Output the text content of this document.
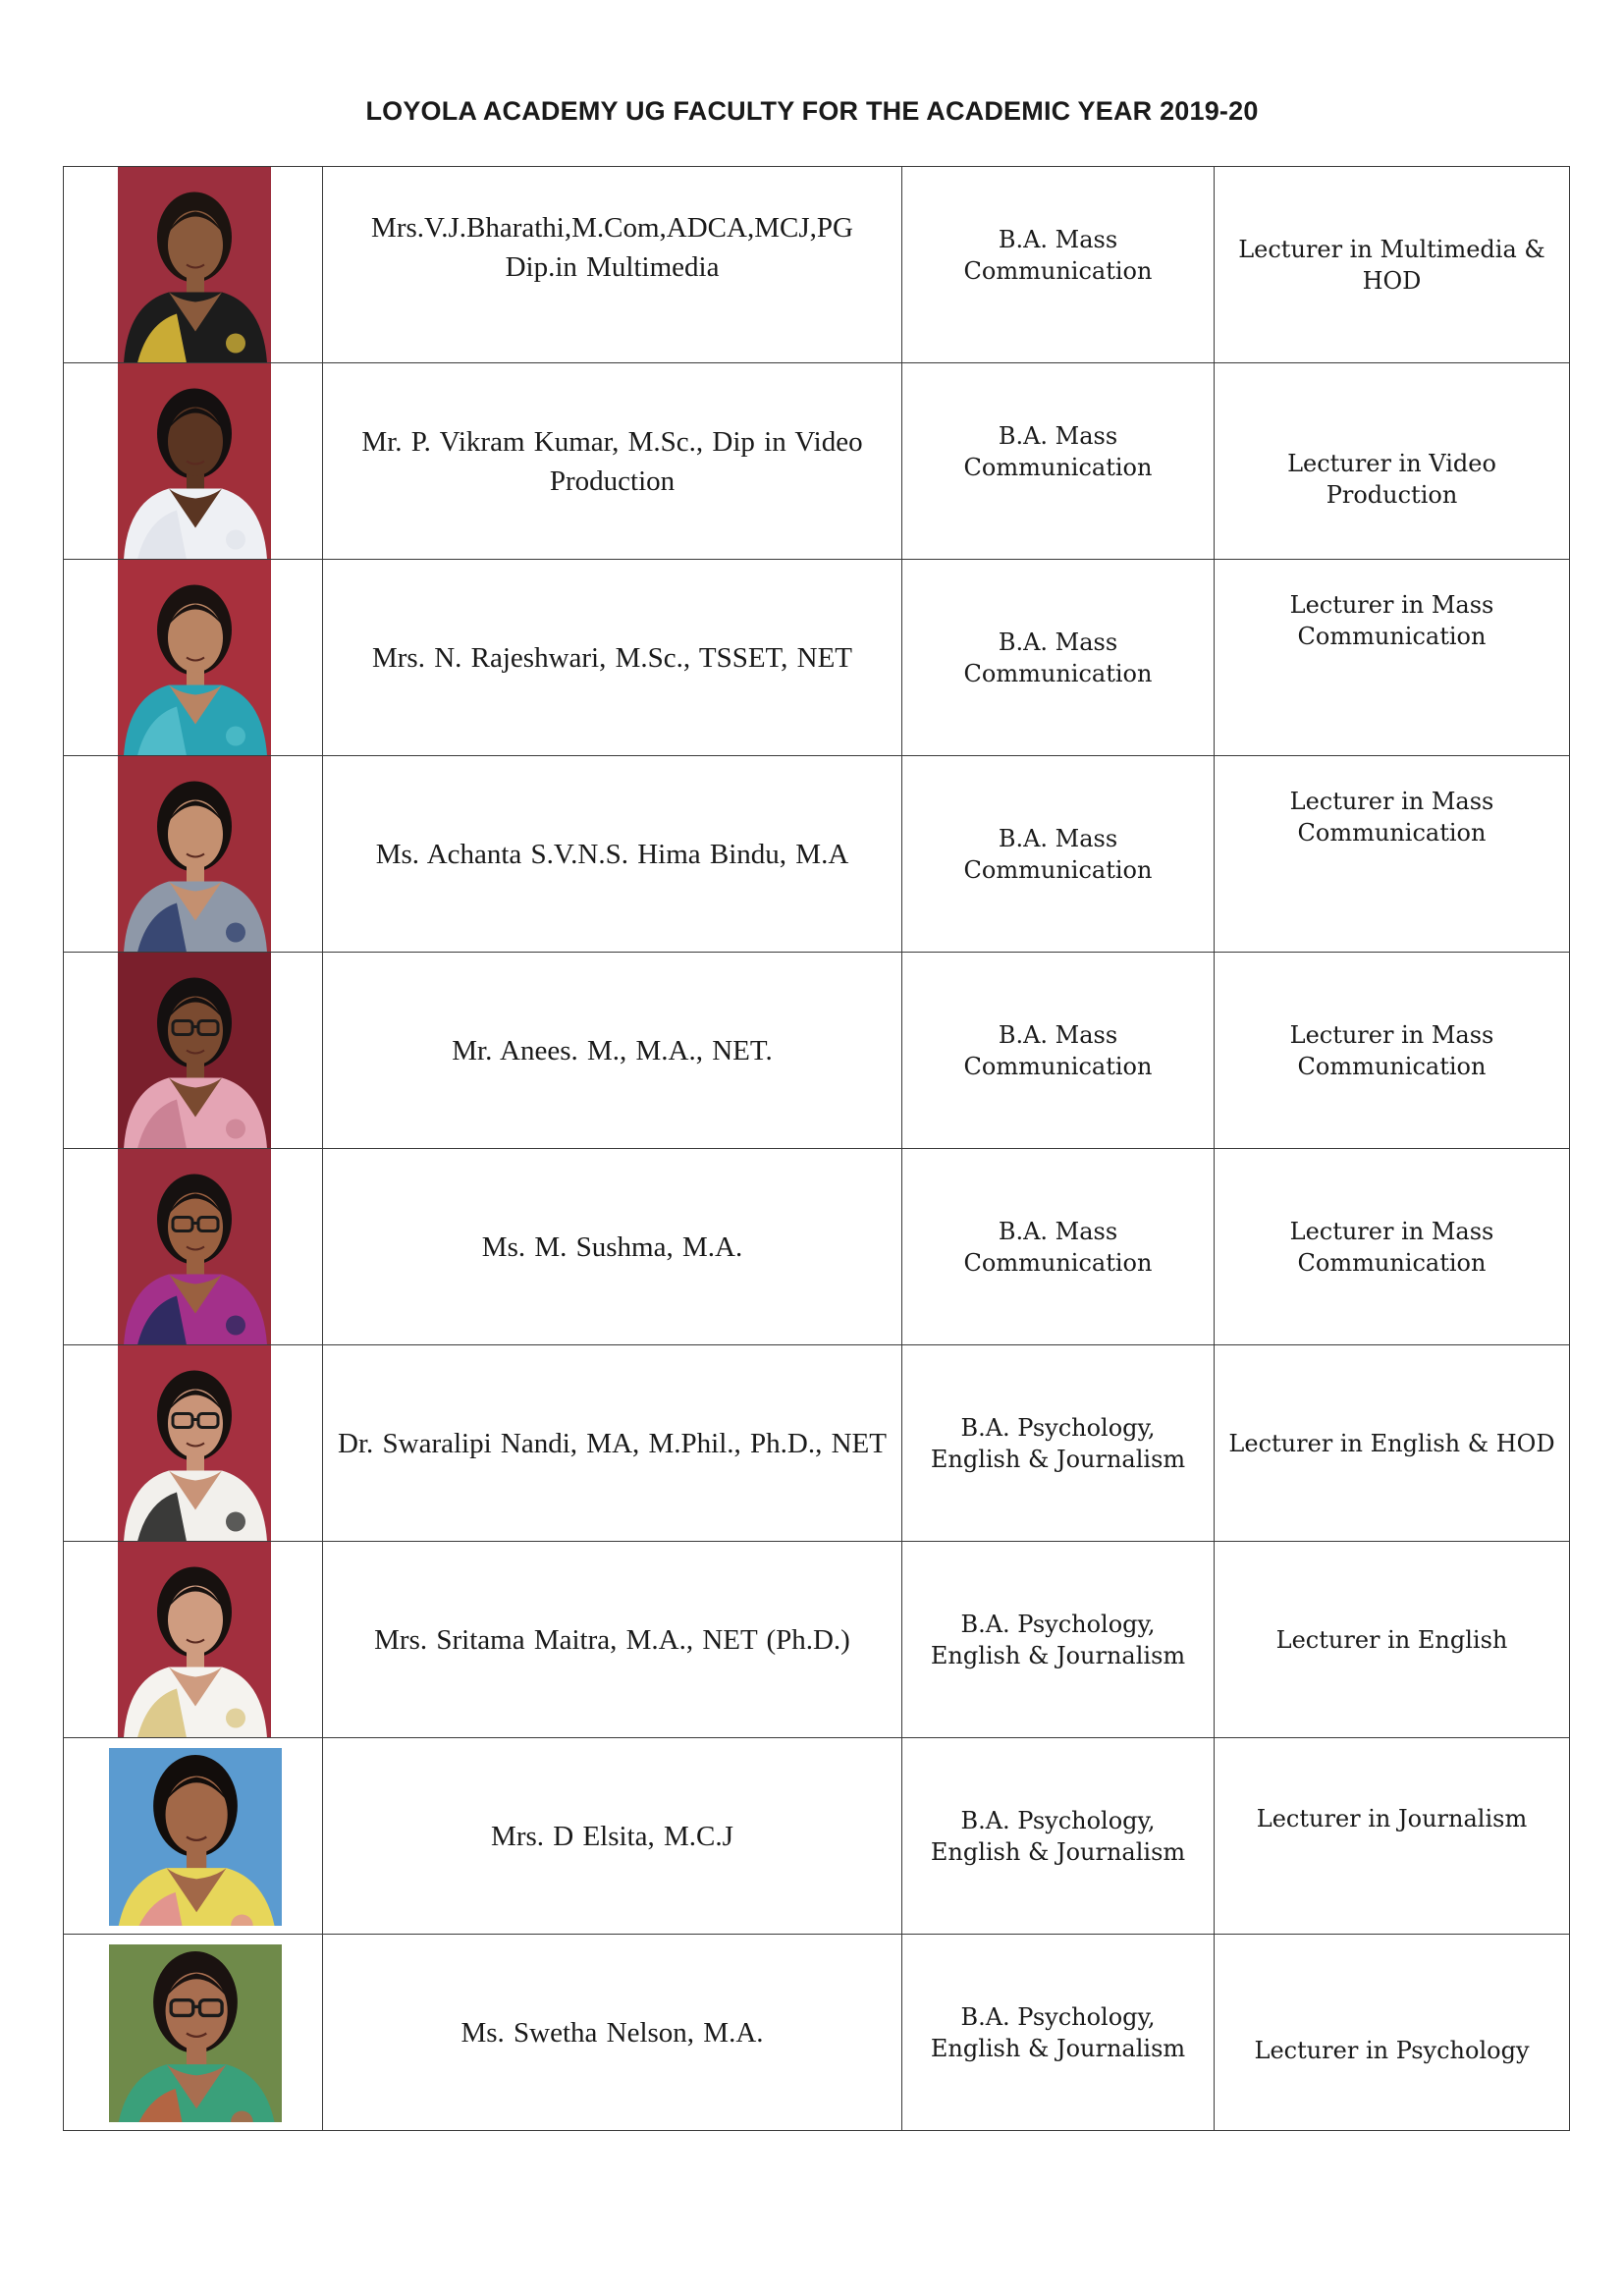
LOYOLA ACADEMY UG FACULTY FOR THE ACADEMIC YEAR 2019-20

Mrs.V.J.Bharathi,M.Com,ADCA,MCJ,PG Dip.in Multimedia	B.A. Mass Communication	Lecturer in Multimedia & HOD

Mr. P. Vikram Kumar, M.Sc., Dip in Video Production	B.A. Mass Communication	Lecturer in Video Production

Mrs. N. Rajeshwari, M.Sc., TSSET, NET	B.A. Mass Communication	Lecturer in Mass Communication

Ms. Achanta S.V.N.S. Hima Bindu, M.A	B.A. Mass Communication	Lecturer in Mass Communication

Mr. Anees. M., M.A., NET.	B.A. Mass Communication	Lecturer in Mass Communication

Ms. M. Sushma, M.A.	B.A. Mass Communication	Lecturer in Mass Communication

Dr. Swaralipi Nandi, MA, M.Phil., Ph.D., NET	B.A. Psychology, English & Journalism	Lecturer in English & HOD

Mrs. Sritama Maitra, M.A., NET (Ph.D.)	B.A. Psychology, English & Journalism	Lecturer in English

Mrs. D Elsita, M.C.J	B.A. Psychology, English & Journalism	Lecturer in Journalism

Ms. Swetha Nelson, M.A.	B.A. Psychology, English & Journalism	Lecturer in Psychology
